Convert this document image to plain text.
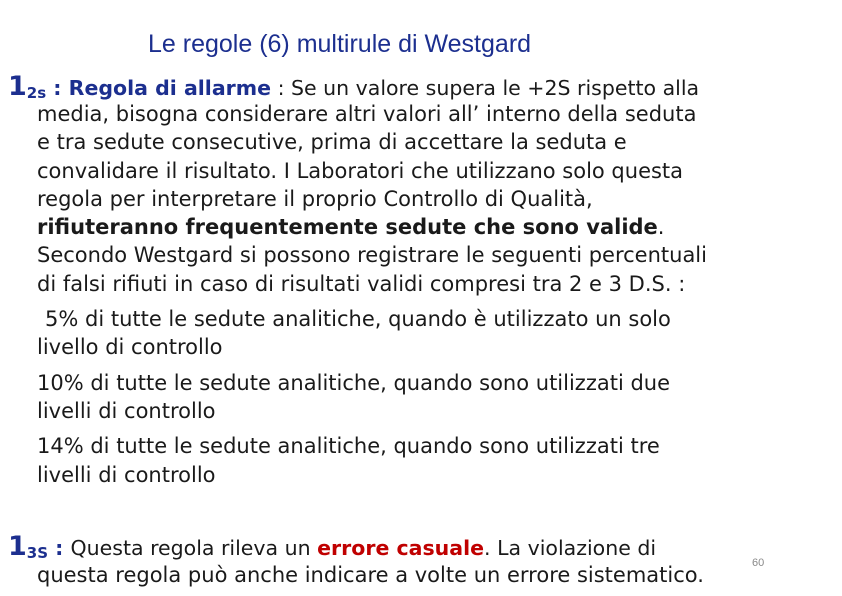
Le regole (6) multirule di Westgard
12s : Regola di allarme : Se un valore supera le +2S rispetto alla
media, bisogna considerare altri valori all’ interno della seduta
e tra sedute consecutive, prima di accettare la seduta e
convalidare il risultato. I Laboratori che utilizzano solo questa
regola per interpretare il proprio Controllo di Qualità,
rifiuteranno frequentemente sedute che sono valide.
Secondo Westgard si possono registrare le seguenti percentuali
di falsi rifiuti in caso di risultati validi compresi tra 2 e 3 D.S. :
5% di tutte le sedute analitiche, quando è utilizzato un solo
livello di controllo
10% di tutte le sedute analitiche, quando sono utilizzati due
livelli di controllo
14% di tutte le sedute analitiche, quando sono utilizzati tre
livelli di controllo
13S : Questa regola rileva un errore casuale. La violazione di
questa regola può anche indicare a volte un errore sistematico.	60
